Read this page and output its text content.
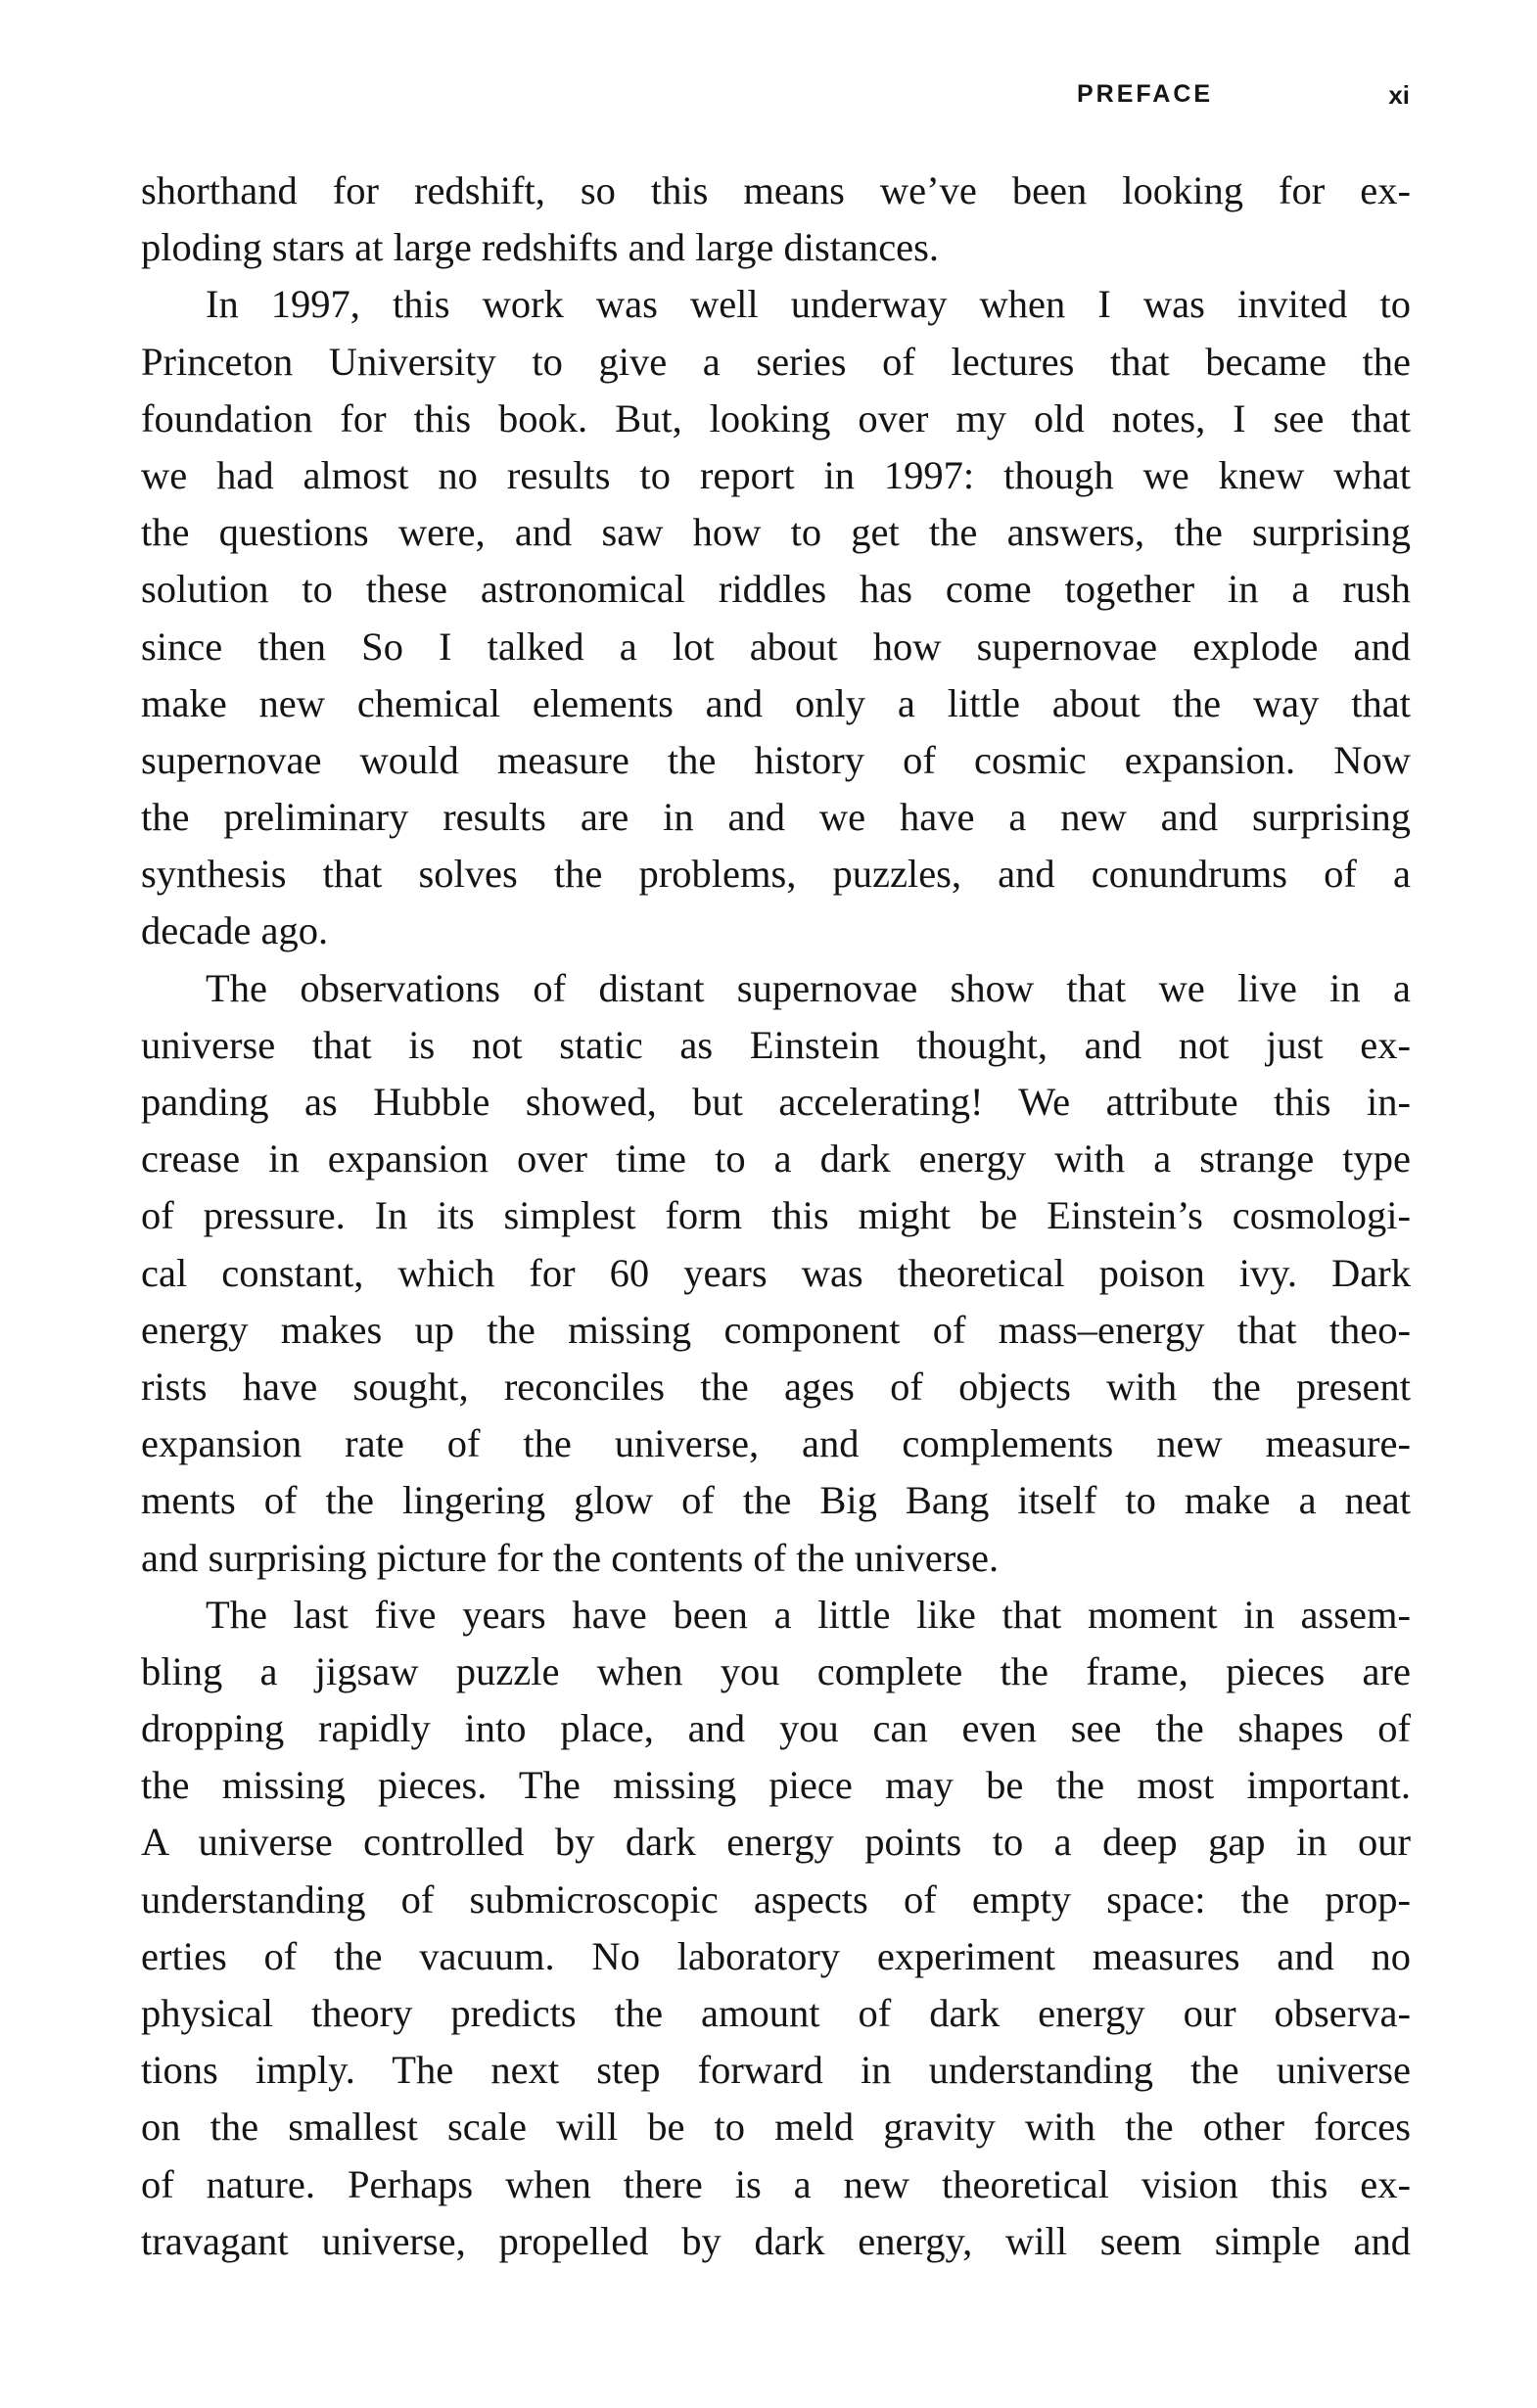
PREFACE	xi
shorthand for redshift, so this means we’ve been looking for ex-
ploding stars at large redshifts and large distances.
In 1997, this work was well underway when I was invited to
Princeton University to give a series of lectures that became the
foundation for this book. But, looking over my old notes, I see that
we had almost no results to report in 1997: though we knew what
the questions were, and saw how to get the answers, the surprising
solution to these astronomical riddles has come together in a rush
since then So I talked a lot about how supernovae explode and
make new chemical elements and only a little about the way that
supernovae would measure the history of cosmic expansion. Now
the preliminary results are in and we have a new and surprising
synthesis that solves the problems, puzzles, and conundrums of a
decade ago.
The observations of distant supernovae show that we live in a
universe that is not static as Einstein thought, and not just ex-
panding as Hubble showed, but accelerating! We attribute this in-
crease in expansion over time to a dark energy with a strange type
of pressure. In its simplest form this might be Einstein’s cosmologi-
cal constant, which for 60 years was theoretical poison ivy. Dark
energy makes up the missing component of mass–energy that theo-
rists have sought, reconciles the ages of objects with the present
expansion rate of the universe, and complements new measure-
ments of the lingering glow of the Big Bang itself to make a neat
and surprising picture for the contents of the universe.
The last five years have been a little like that moment in assem-
bling a jigsaw puzzle when you complete the frame, pieces are
dropping rapidly into place, and you can even see the shapes of
the missing pieces. The missing piece may be the most important.
A universe controlled by dark energy points to a deep gap in our
understanding of submicroscopic aspects of empty space: the prop-
erties of the vacuum. No laboratory experiment measures and no
physical theory predicts the amount of dark energy our observa-
tions imply. The next step forward in understanding the universe
on the smallest scale will be to meld gravity with the other forces
of nature. Perhaps when there is a new theoretical vision this ex-
travagant universe, propelled by dark energy, will seem simple and
